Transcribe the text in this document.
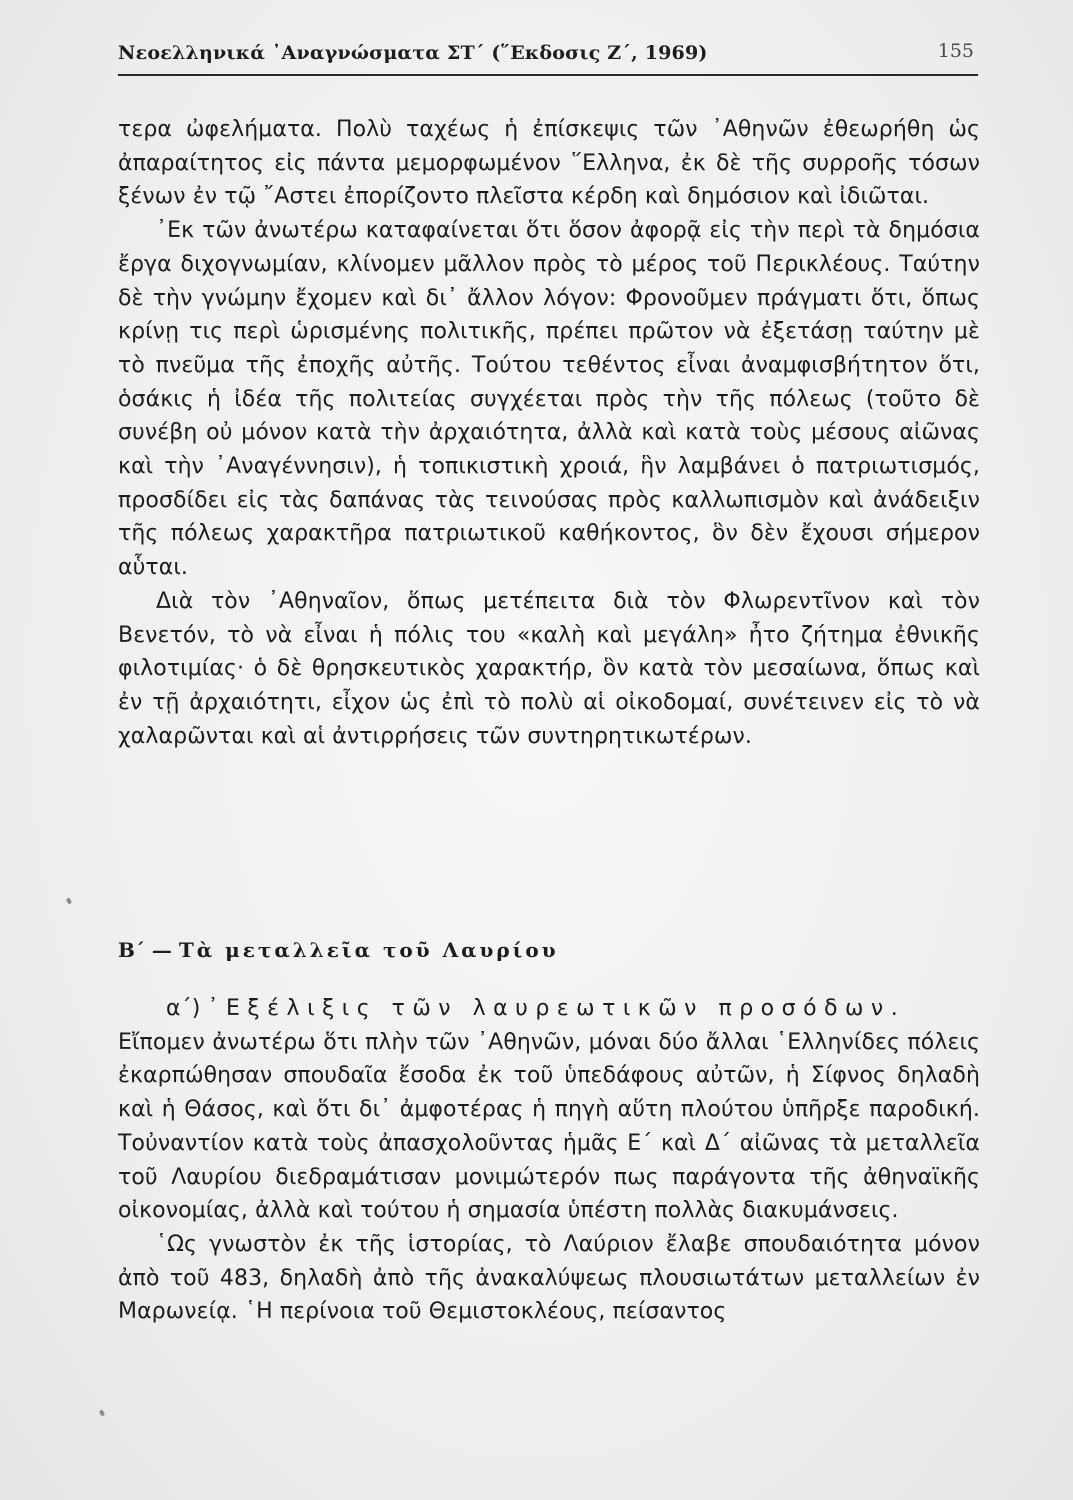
Νεοελληνικά ᾿Αναγνώσματα ΣΤ΄ (῞Εκδοσις Ζ΄, 1969)	155

τερα ὠφελήματα. Πολὺ ταχέως ἡ ἐπίσκεψις τῶν ᾿Αθηνῶν ἐθεωρήθη ὡς ἀπαραίτητος εἰς πάντα μεμορφωμένον ῞Ελληνα, ἐκ δὲ τῆς συρροῆς τόσων ξένων ἐν τῷ ῎Αστει ἐπορίζοντο πλεῖστα κέρδη καὶ δημόσιον καὶ ἰδιῶται.

᾿Εκ τῶν ἀνωτέρω καταφαίνεται ὅτι ὅσον ἀφορᾷ εἰς τὴν περὶ τὰ δημόσια ἔργα διχογνωμίαν, κλίνομεν μᾶλλον πρὸς τὸ μέρος τοῦ Περικλέους. Ταύτην δὲ τὴν γνώμην ἔχομεν καὶ δι᾿ ἄλλον λόγον: Φρονοῦμεν πράγματι ὅτι, ὅπως κρίνῃ τις περὶ ὡρισμένης πολιτικῆς, πρέπει πρῶτον νὰ ἐξετάσῃ ταύτην μὲ τὸ πνεῦμα τῆς ἐποχῆς αὐτῆς. Τούτου τεθέντος εἶναι ἀναμφισβήτητον ὅτι, ὁσάκις ἡ ἰδέα τῆς πολιτείας συγχέεται πρὸς τὴν τῆς πόλεως (τοῦτο δὲ συνέβη οὐ μόνον κατὰ τὴν ἀρχαιότητα, ἀλλὰ καὶ κατὰ τοὺς μέσους αἰῶνας καὶ τὴν ᾿Αναγέννησιν), ἡ τοπικιστικὴ χροιά, ἣν λαμβάνει ὁ πατριωτισμός, προσδίδει εἰς τὰς δαπάνας τὰς τεινούσας πρὸς καλλωπισμὸν καὶ ἀνάδειξιν τῆς πόλεως χαρακτῆρα πατριωτικοῦ καθήκοντος, ὃν δὲν ἔχουσι σήμερον αὗται.

Διὰ τὸν ᾿Αθηναῖον, ὅπως μετέπειτα διὰ τὸν Φλωρεντῖνον καὶ τὸν Βενετόν, τὸ νὰ εἶναι ἡ πόλις του «καλὴ καὶ μεγάλη» ἦτο ζήτημα ἐθνικῆς φιλοτιμίας· ὁ δὲ θρησκευτικὸς χαρακτήρ, ὃν κατὰ τὸν μεσαίωνα, ὅπως καὶ ἐν τῇ ἀρχαιότητι, εἶχον ὡς ἐπὶ τὸ πολὺ αἱ οἰκοδομαί, συνέτεινεν εἰς τὸ νὰ χαλαρῶνται καὶ αἱ ἀντιρρήσεις τῶν συντηρητικωτέρων.

Β΄ — Τὰ μεταλλεῖα τοῦ Λαυρίου

α΄) ᾿Εξέλιξις τῶν λαυρεωτικῶν προσόδων.

Εἴπομεν ἀνωτέρω ὅτι πλὴν τῶν ᾿Αθηνῶν, μόναι δύο ἄλλαι ῾Ελληνίδες πόλεις ἐκαρπώθησαν σπουδαῖα ἔσοδα ἐκ τοῦ ὑπεδάφους αὐτῶν, ἡ Σίφνος δηλαδὴ καὶ ἡ Θάσος, καὶ ὅτι δι᾿ ἀμφοτέρας ἡ πηγὴ αὕτη πλούτου ὑπῆρξε παροδική. Τοὐναντίον κατὰ τοὺς ἀπασχολοῦντας ἡμᾶς Ε΄ καὶ Δ΄ αἰῶνας τὰ μεταλλεῖα τοῦ Λαυρίου διεδραμάτισαν μονιμώτερόν πως παράγοντα τῆς ἀθηναϊκῆς οἰκονομίας, ἀλλὰ καὶ τούτου ἡ σημασία ὑπέστη πολλὰς διακυμάνσεις.

῾Ως γνωστὸν ἐκ τῆς ἱστορίας, τὸ Λαύριον ἔλαβε σπουδαιότητα μόνον ἀπὸ τοῦ 483, δηλαδὴ ἀπὸ τῆς ἀνακαλύψεως πλουσιωτάτων μεταλλείων ἐν Μαρωνείᾳ. ῾Η περίνοια τοῦ Θεμιστοκλέους, πείσαντος
